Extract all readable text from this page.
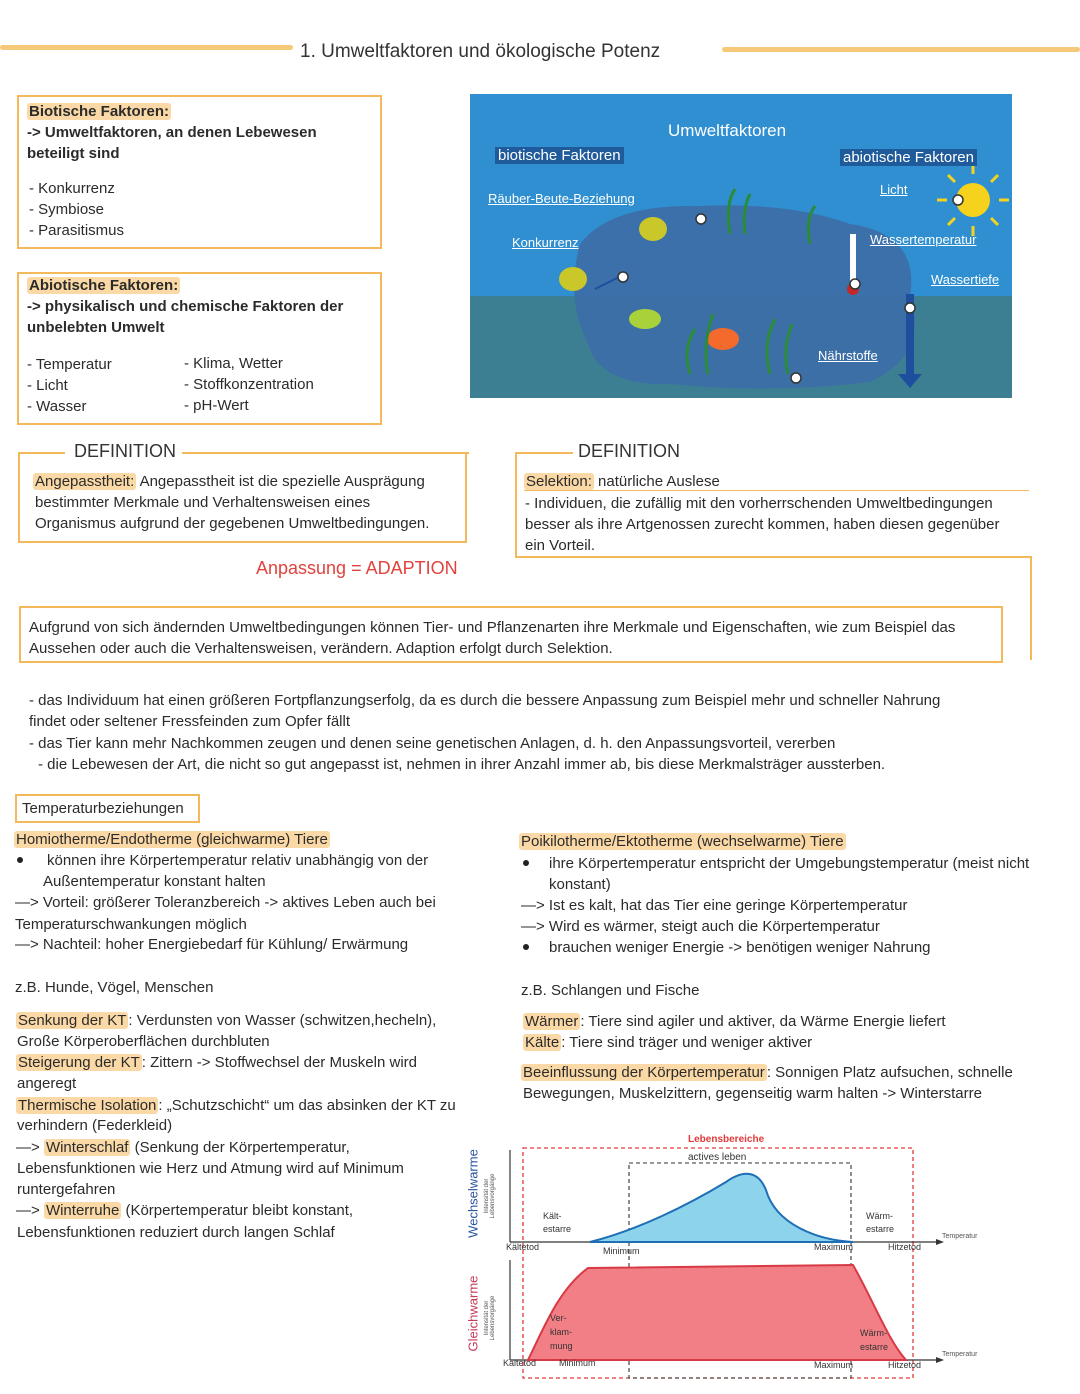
1. Umweltfaktoren und ökologische Potenz
Biotische Faktoren:
-> Umweltfaktoren, an denen Lebewesen
beteiligt sind
- Konkurrenz
- Symbiose
- Parasitismus
Abiotische Faktoren:
-> physikalisch und chemische Faktoren der
unbelebten Umwelt
- Temperatur
- Licht
- Wasser
- Klima, Wetter
- Stoffkonzentration
- pH-Wert
Umweltfaktoren
biotische Faktoren	abiotische Faktoren
Räuber-Beute-Beziehung
Konkurrenz
Licht
Wassertemperatur
Wassertiefe
Nährstoffe
DEFINITION
Angepasstheit: Angepasstheit ist die spezielle Ausprägung
bestimmter Merkmale und Verhaltensweisen eines
Organismus aufgrund der gegebenen Umweltbedingungen.
DEFINITION
Selektion: natürliche Auslese
- Individuen, die zufällig mit den vorherrschenden Umweltbedingungen
besser als ihre Artgenossen zurecht kommen, haben diesen gegenüber
ein Vorteil.
Anpassung = ADAPTION
Aufgrund von sich ändernden Umweltbedingungen können Tier- und Pflanzenarten ihre Merkmale und Eigenschaften, wie zum Beispiel das
Aussehen oder auch die Verhaltensweisen, verändern. Adaption erfolgt durch Selektion.
- das Individuum hat einen größeren Fortpflanzungserfolg, da es durch die bessere Anpassung zum Beispiel mehr und schneller Nahrung
findet oder seltener Fressfeinden zum Opfer fällt
- das Tier kann mehr Nachkommen zeugen und denen seine genetischen Anlagen, d. h. den Anpassungsvorteil, vererben
- die Lebewesen der Art, die nicht so gut angepasst ist, nehmen in ihrer Anzahl immer ab, bis diese Merkmalsträger aussterben.
Temperaturbeziehungen
Homiotherme/Endotherme (gleichwarme) Tiere
können ihre Körpertemperatur relativ unabhängig von der
Außentemperatur konstant halten
—> Vorteil: größerer Toleranzbereich -> aktives Leben auch bei
Temperaturschwankungen möglich
—> Nachteil: hoher Energiebedarf für Kühlung/ Erwärmung
z.B. Hunde, Vögel, Menschen
Senkung der KT : Verdunsten von Wasser (schwitzen,hecheln),
Große Körperoberflächen durchbluten
Steigerung der KT : Zittern -> Stoffwechsel der Muskeln wird
angeregt
Thermische Isolation : „Schutzschicht“ um das absinken der KT zu
verhindern (Federkleid)
—> Winterschlaf (Senkung der Körpertemperatur,
Lebensfunktionen wie Herz und Atmung wird auf Minimum
runtergefahren
—> Winterruhe (Körpertemperatur bleibt konstant,
Lebensfunktionen reduziert durch langen Schlaf
Poikilotherme/Ektotherme (wechselwarme) Tiere
ihre Körpertemperatur entspricht der Umgebungstemperatur (meist nicht
konstant)
—> Ist es kalt, hat das Tier eine geringe Körpertemperatur
—> Wird es wärmer, steigt auch die Körpertemperatur
brauchen weniger Energie -> benötigen weniger Nahrung
z.B. Schlangen und Fische
Wärmer : Tiere sind agiler und aktiver, da Wärme Energie liefert
Kälte : Tiere sind träger und weniger aktiver
Beeinflussung der Körpertemperatur : Sonnigen Platz aufsuchen, schnelle
Bewegungen, Muskelzittern, gegenseitig warm halten -> Winterstarre
Wechselwarme
Gleichwarme
Intensität der Lebensvorgänge
Intensität der Lebensvorgänge
Lebensbereiche
actives leben
Kält-
estarre
Wärm-
estarre
Kältetod	Minimum	Maximum	Hitzetod
Temperatur
Ver-
klam-
mung
Wärm-
estarre
Kältetod	Minimum	Maximum	Hitzetod
Temperatur
